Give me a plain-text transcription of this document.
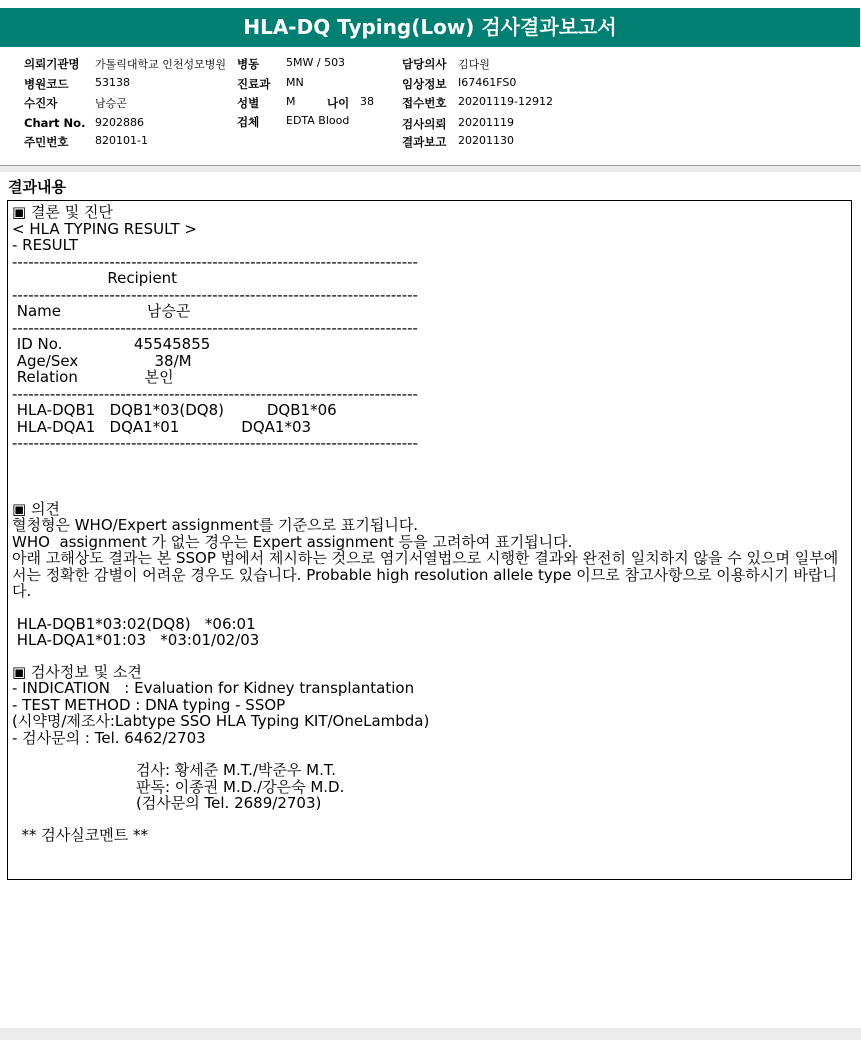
HLA-DQ Typing(Low) 검사결과보고서
의뢰기관명 가톨릭대학교 인천성모병원 병동 5MW / 503	담당의사 김다원
병원코드 53138	진료과 MN	임상정보 I67461FS0
수진자	남승곤	성별 M	나이 38 접수번호 20201119-12912
Chart No. 9202886	검체 EDTA Blood	검사의뢰 20201119
주민번호 820101-1	결과보고 20201130
결과내용
▣ 결론 및 진단
< HLA TYPING RESULT >
- RESULT
---------------------------------------------------------------------------
Recipient
---------------------------------------------------------------------------
Name                  남승곤
---------------------------------------------------------------------------
ID No.               45545855
Age/Sex                38/M
Relation              본인
---------------------------------------------------------------------------
HLA-DQB1   DQB1*03(DQ8)         DQB1*06
HLA-DQA1   DQA1*01             DQA1*03
---------------------------------------------------------------------------
▣ 의견
혈청형은 WHO/Expert assignment를 기준으로 표기됩니다.
WHO  assignment 가 없는 경우는 Expert assignment 등을 고려하여 표기됩니다.
아래 고해상도 결과는 본 SSOP 법에서 제시하는 것으로 염기서열법으로 시행한 결과와 완전히 일치하지 않을 수 있으며 일부에서는 정확한 감별이 어려운 경우도 있습니다. Probable high resolution allele type 이므로 참고사항으로 이용하시기 바랍니다.
HLA-DQB1*03:02(DQ8)   *06:01
HLA-DQA1*01:03   *03:01/02/03
▣ 검사정보 및 소견
- INDICATION   : Evaluation for Kidney transplantation
- TEST METHOD : DNA typing - SSOP
(시약명/제조사:Labtype SSO HLA Typing KIT/OneLambda)
- 검사문의 : Tel. 6462/2703
검사: 황세준 M.T./박준우 M.T.
판독: 이종권 M.D./강은숙 M.D.
(검사문의 Tel. 2689/2703)
** 검사실코멘트 **
